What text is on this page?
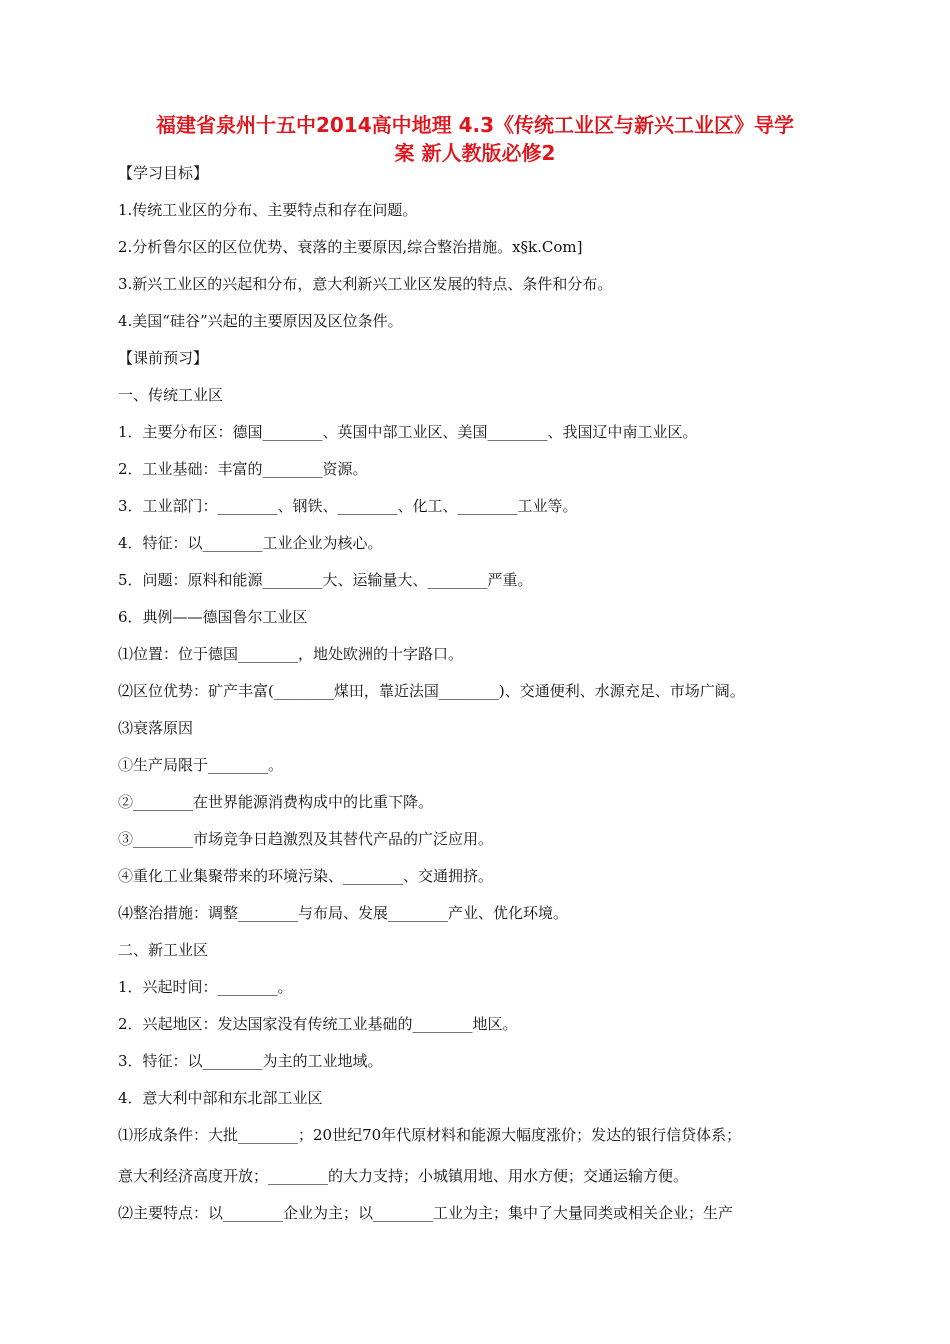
福建省泉州十五中2014高中地理 4.3《传统工业区与新兴工业区》导学
案 新人教版必修2
【学习目标】
1.传统工业区的分布、主要特点和存在问题。
2.分析鲁尔区的区位优势、衰落的主要原因,综合整治措施。x§k.Com]
3.新兴工业区的兴起和分布，意大利新兴工业区发展的特点、条件和分布。
4.美国“硅谷”兴起的主要原因及区位条件。
【课前预习】
一、传统工业区
1．主要分布区：德国________、英国中部工业区、美国________、我国辽中南工业区。
2．工业基础：丰富的________资源。
3．工业部门：________、钢铁、________、化工、________工业等。
4．特征：以________工业企业为核心。
5．问题：原料和能源________大、运输量大、________严重。
6．典例——德国鲁尔工业区
⑴位置：位于德国________，地处欧洲的十字路口。
⑵区位优势：矿产丰富(________煤田，靠近法国________)、交通便利、水源充足、市场广阔。
⑶衰落原因
①生产局限于________。
②________在世界能源消费构成中的比重下降。
③________市场竞争日趋激烈及其替代产品的广泛应用。
④重化工业集聚带来的环境污染、________、交通拥挤。
⑷整治措施：调整________与布局、发展________产业、优化环境。
二、新工业区
1．兴起时间：________。
2．兴起地区：发达国家没有传统工业基础的________地区。
3．特征：以________为主的工业地域。
4．意大利中部和东北部工业区
⑴形成条件：大批________；20世纪70年代原材料和能源大幅度涨价；发达的银行信贷体系；
意大利经济高度开放；________的大力支持；小城镇用地、用水方便；交通运输方便。
⑵主要特点：以________企业为主；以________工业为主；集中了大量同类或相关企业；生产
